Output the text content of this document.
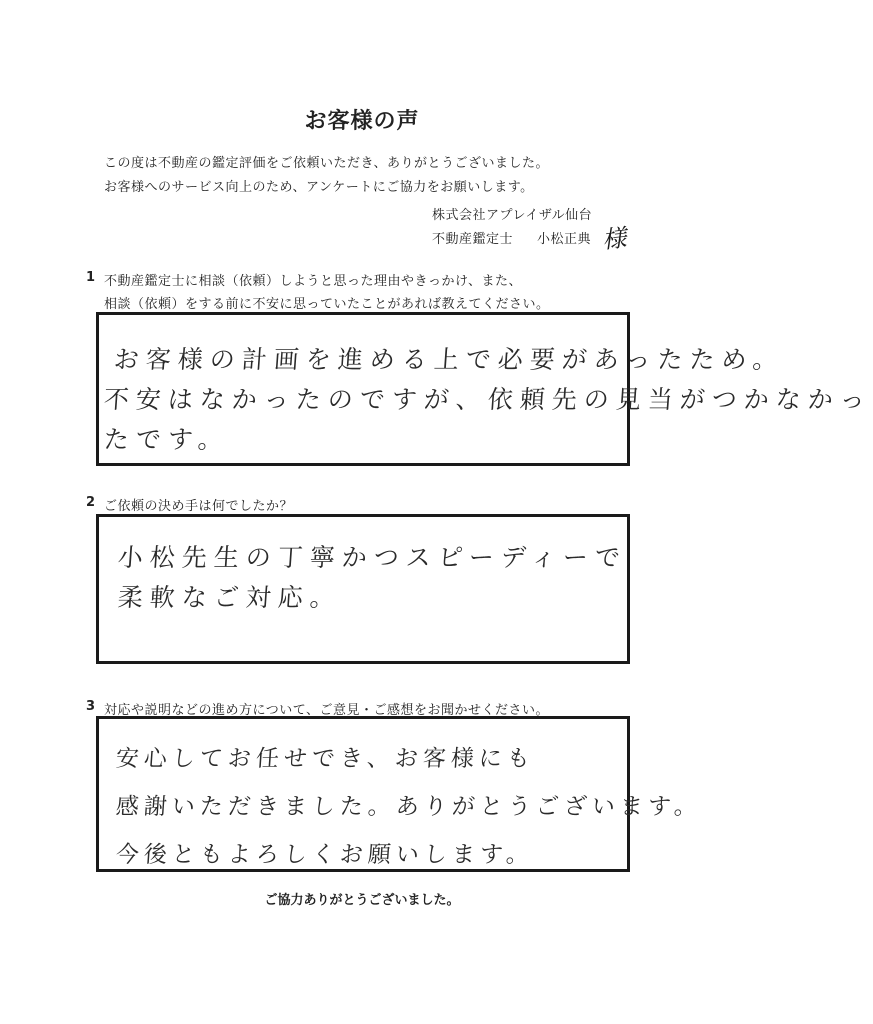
お客様の声
この度は不動産の鑑定評価をご依頼いただき、ありがとうございました。
お客様へのサービス向上のため、アンケートにご協力をお願いします。
株式会社アプレイザル仙台
不動産鑑定士 小松正典 様
1 不動産鑑定士に相談（依頼）しようと思った理由やきっかけ、また、
相談（依頼）をする前に不安に思っていたことがあれば教えてください。
お客様の計画を進める上で必要があったため。
不安はなかったのですが、依頼先の見当がつかなかっ
たです。
2 ご依頼の決め手は何でしたか？
小松先生の丁寧かつスピーディーで
柔軟なご対応。
3 対応や説明などの進め方について、ご意見・ご感想をお聞かせください。
安心してお任せでき、お客様にも
感謝いただきました。ありがとうございます。
今後ともよろしくお願いします。
ご協力ありがとうございました。
